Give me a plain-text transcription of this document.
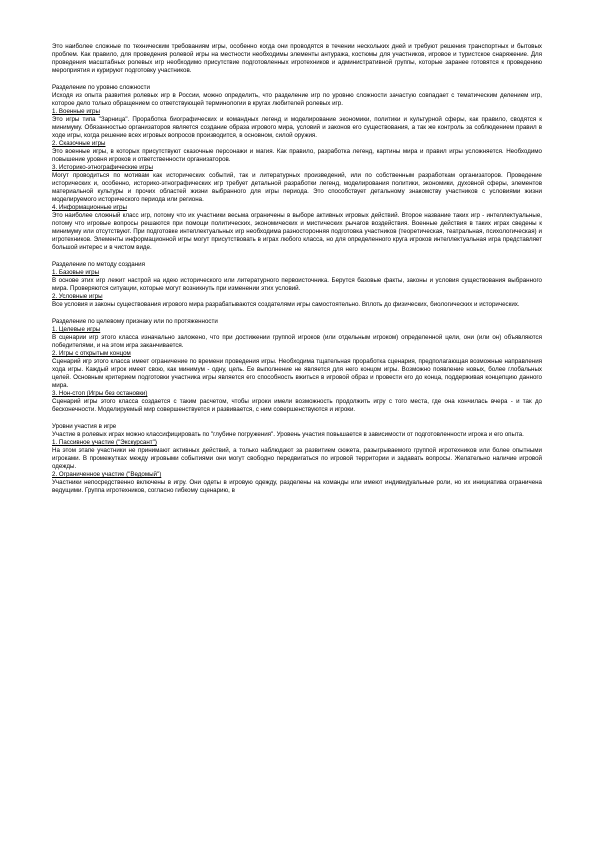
Это наиболее сложные по техническим требованиям игры, особенно когда они проводятся в течении нескольких дней и требуют решения транспортных и бытовых проблем. Как правило, для проведения ролевой игры на местности необходимы элементы антуража, костюмы для участников, игровое и туристское снаряжение. Для проведения масштабных ролевых игр необходимо присутствие подготовленных игротехников и административной группы, которые заранее готовятся к проведению мероприятия и курируют подготовку участников.

Разделение по уровню сложности

Исходя из опыта развития ролевых игр в России, можно определить, что разделение игр по уровню сложности зачастую совпадает с тематическим делением игр, которое дело только обращением со ответствующей терминологии в кругах любителей ролевых игр.

1. Военные игры

Это игры типа "Зарница". Проработка биографических и командных легенд и моделирование экономики, политики и культурной сферы, как правило, сводятся к минимуму. Обязанностью организаторов является создание образа игрового мира, условий и законов его существования, а так же контроль за соблюдением правил в ходе игры, когда решение всех игровых вопросов производится, в основном, силой оружия.

2. Сказочные игры

Это военные игры, в которых присутствуют сказочные персонажи и магия. Как правило, разработка легенд, картины мира и правил игры усложняется. Необходимо повышение уровня игроков и ответственности организаторов.

3. Историко-этнографические игры

Могут проводиться по мотивам как исторических событий, так и литературных произведений, или по собственным разработкам организаторов. Проведение исторических и, особенно, историко-этнографических игр требует детальной разработки легенд, моделирования политики, экономики, духовной сферы, элементов материальной культуры и прочих областей жизни выбранного для игры периода. Это способствует детальному знакомству участников с условиями жизни моделируемого исторического периода или региона.

4. Информационные игры

Это наиболее сложный класс игр, потому что их участники весьма ограничены в выборе активных игровых действий. Второе название таких игр - интеллектуальные, потому что игровые вопросы решаются при помощи политических, экономических и мистических рычагов воздействия. Военные действия в таких играх сведены к минимуму или отсутствуют. При подготовке интеллектуальных игр необходима разносторонняя подготовка участников (теоретическая, театральная, психологическая) и игротехников. Элементы информационной игры могут присутствовать в играх любого класса, но для определенного круга игроков интеллектуальная игра представляет большой интерес и в чистом виде.

Разделение по методу создания

1. Базовые игры

В основе этих игр лежит настрой на идею исторического или литературного первоисточника. Берутся базовые факты, законы и условия существования выбранного мира. Проверяются ситуации, которые могут возникнуть при изменении этих условий.

2. Условные игры

Все условия и законы существования игрового мира разрабатываются создателями игры самостоятельно. Вплоть до физических, биологических и исторических.

Разделение по целевому признаку или по протяженности

1. Целевые игры

В сценарии игр этого класса изначально заложено, что при достижении группой игроков (или отдельным игроком) определенной цели, они (или он) объявляются победителями, и на этом игра заканчивается.

2. Игры с открытым концом

Сценарий игр этого класса имеет ограничение по времени проведения игры. Необходима тщательная проработка сценария, предполагающая возможные направления хода игры. Каждый игрок имеет свою, как минимум - одну, цель. Ее выполнение не является для него концом игры. Возможно появление новых, более глобальных целей. Основным критерием подготовки участника игры является его способность вжиться в игровой образ и провести его до конца, поддерживая концепцию данного мира.

3. Нон-стоп (Игры без остановки)

Сценарий игры этого класса создается с таким расчетом, чтобы игроки имели возможность продолжить игру с того места, где она кончилась вчера - и так до бесконечности. Моделируемый мир совершенствуется и развивается, с ним совершенствуются и игроки.

Уровни участия в игре

Участие в ролевых играх можно классифицировать по "глубине погружения". Уровень участия повышается в зависимости от подготовленности игрока и его опыта.

1. Пассивное участие ("Экскурсант")

На этом этапе участники не принимают активных действий, а только наблюдают за развитием сюжета, разыгрываемого группой игротехников или более опытными игроками. В промежутках между игровыми событиями они могут свободно передвигаться по игровой территории и задавать вопросы. Желательно наличие игровой одежды.

2. Ограниченное участие ("Ведомый")

Участники непосредственно включены в игру. Они одеты в игровую одежду, разделены на команды или имеют индивидуальные роли, но их инициатива ограничена ведущими. Группа игротехников, согласно гибкому сценарию, в
